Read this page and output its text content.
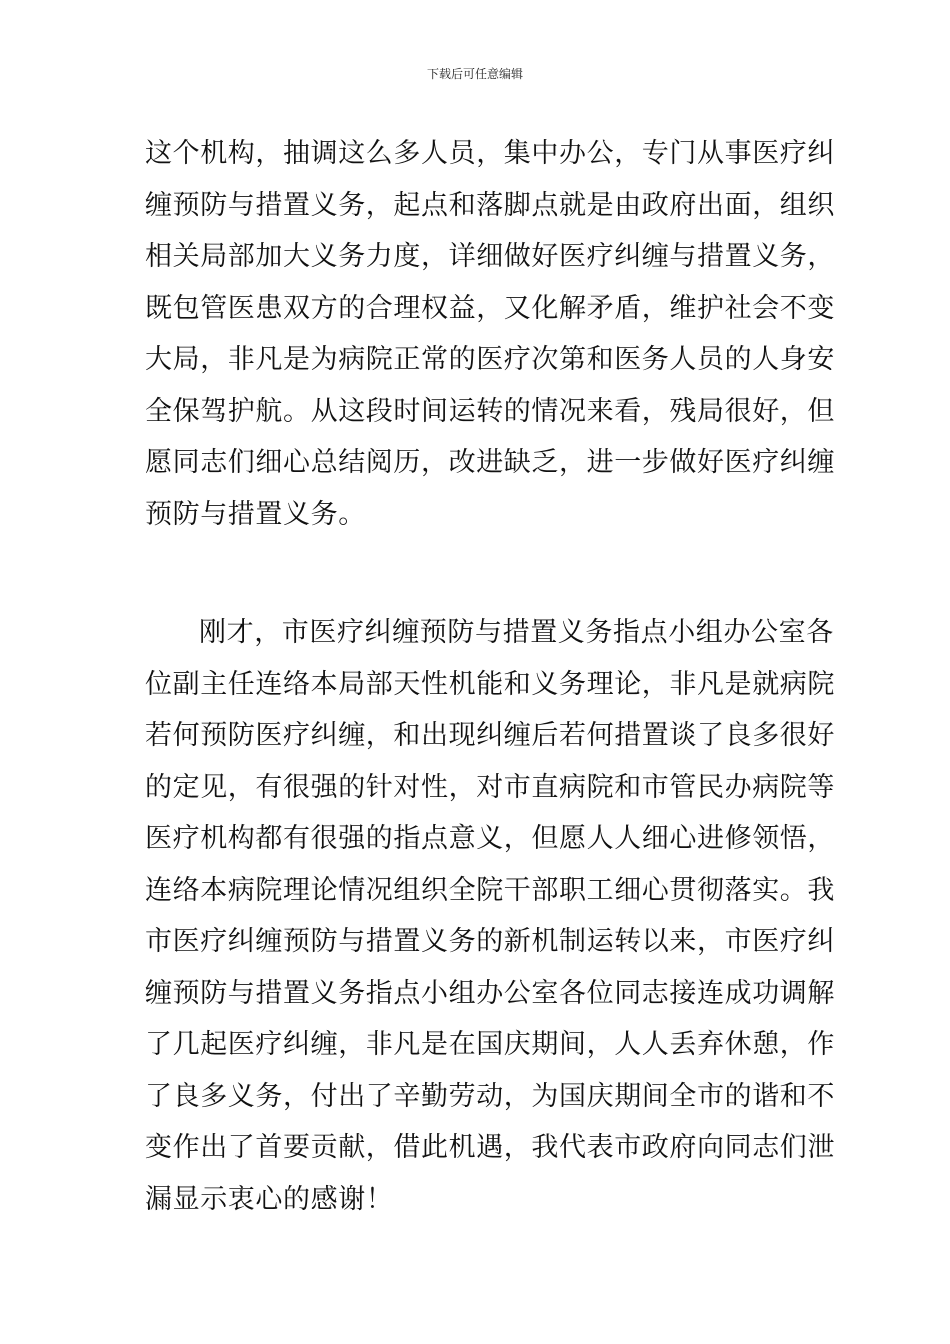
下载后可任意编辑
这个机构，抽调这么多人员，集中办公，专门从事医疗纠
缠预防与措置义务，起点和落脚点就是由政府出面，组织
相关局部加大义务力度，详细做好医疗纠缠与措置义务，
既包管医患双方的合理权益，又化解矛盾，维护社会不变
大局，非凡是为病院正常的医疗次第和医务人员的人身安
全保驾护航。从这段时间运转的情况来看，残局很好，但
愿同志们细心总结阅历，改进缺乏，进一步做好医疗纠缠
预防与措置义务。
刚才，市医疗纠缠预防与措置义务指点小组办公室各
位副主任连络本局部天性机能和义务理论，非凡是就病院
若何预防医疗纠缠，和出现纠缠后若何措置谈了良多很好
的定见，有很强的针对性，对市直病院和市管民办病院等
医疗机构都有很强的指点意义，但愿人人细心进修领悟，
连络本病院理论情况组织全院干部职工细心贯彻落实。我
市医疗纠缠预防与措置义务的新机制运转以来，市医疗纠
缠预防与措置义务指点小组办公室各位同志接连成功调解
了几起医疗纠缠，非凡是在国庆期间，人人丢弃休憩，作
了良多义务，付出了辛勤劳动，为国庆期间全市的谐和不
变作出了首要贡献，借此机遇，我代表市政府向同志们泄
漏显示衷心的感谢！
